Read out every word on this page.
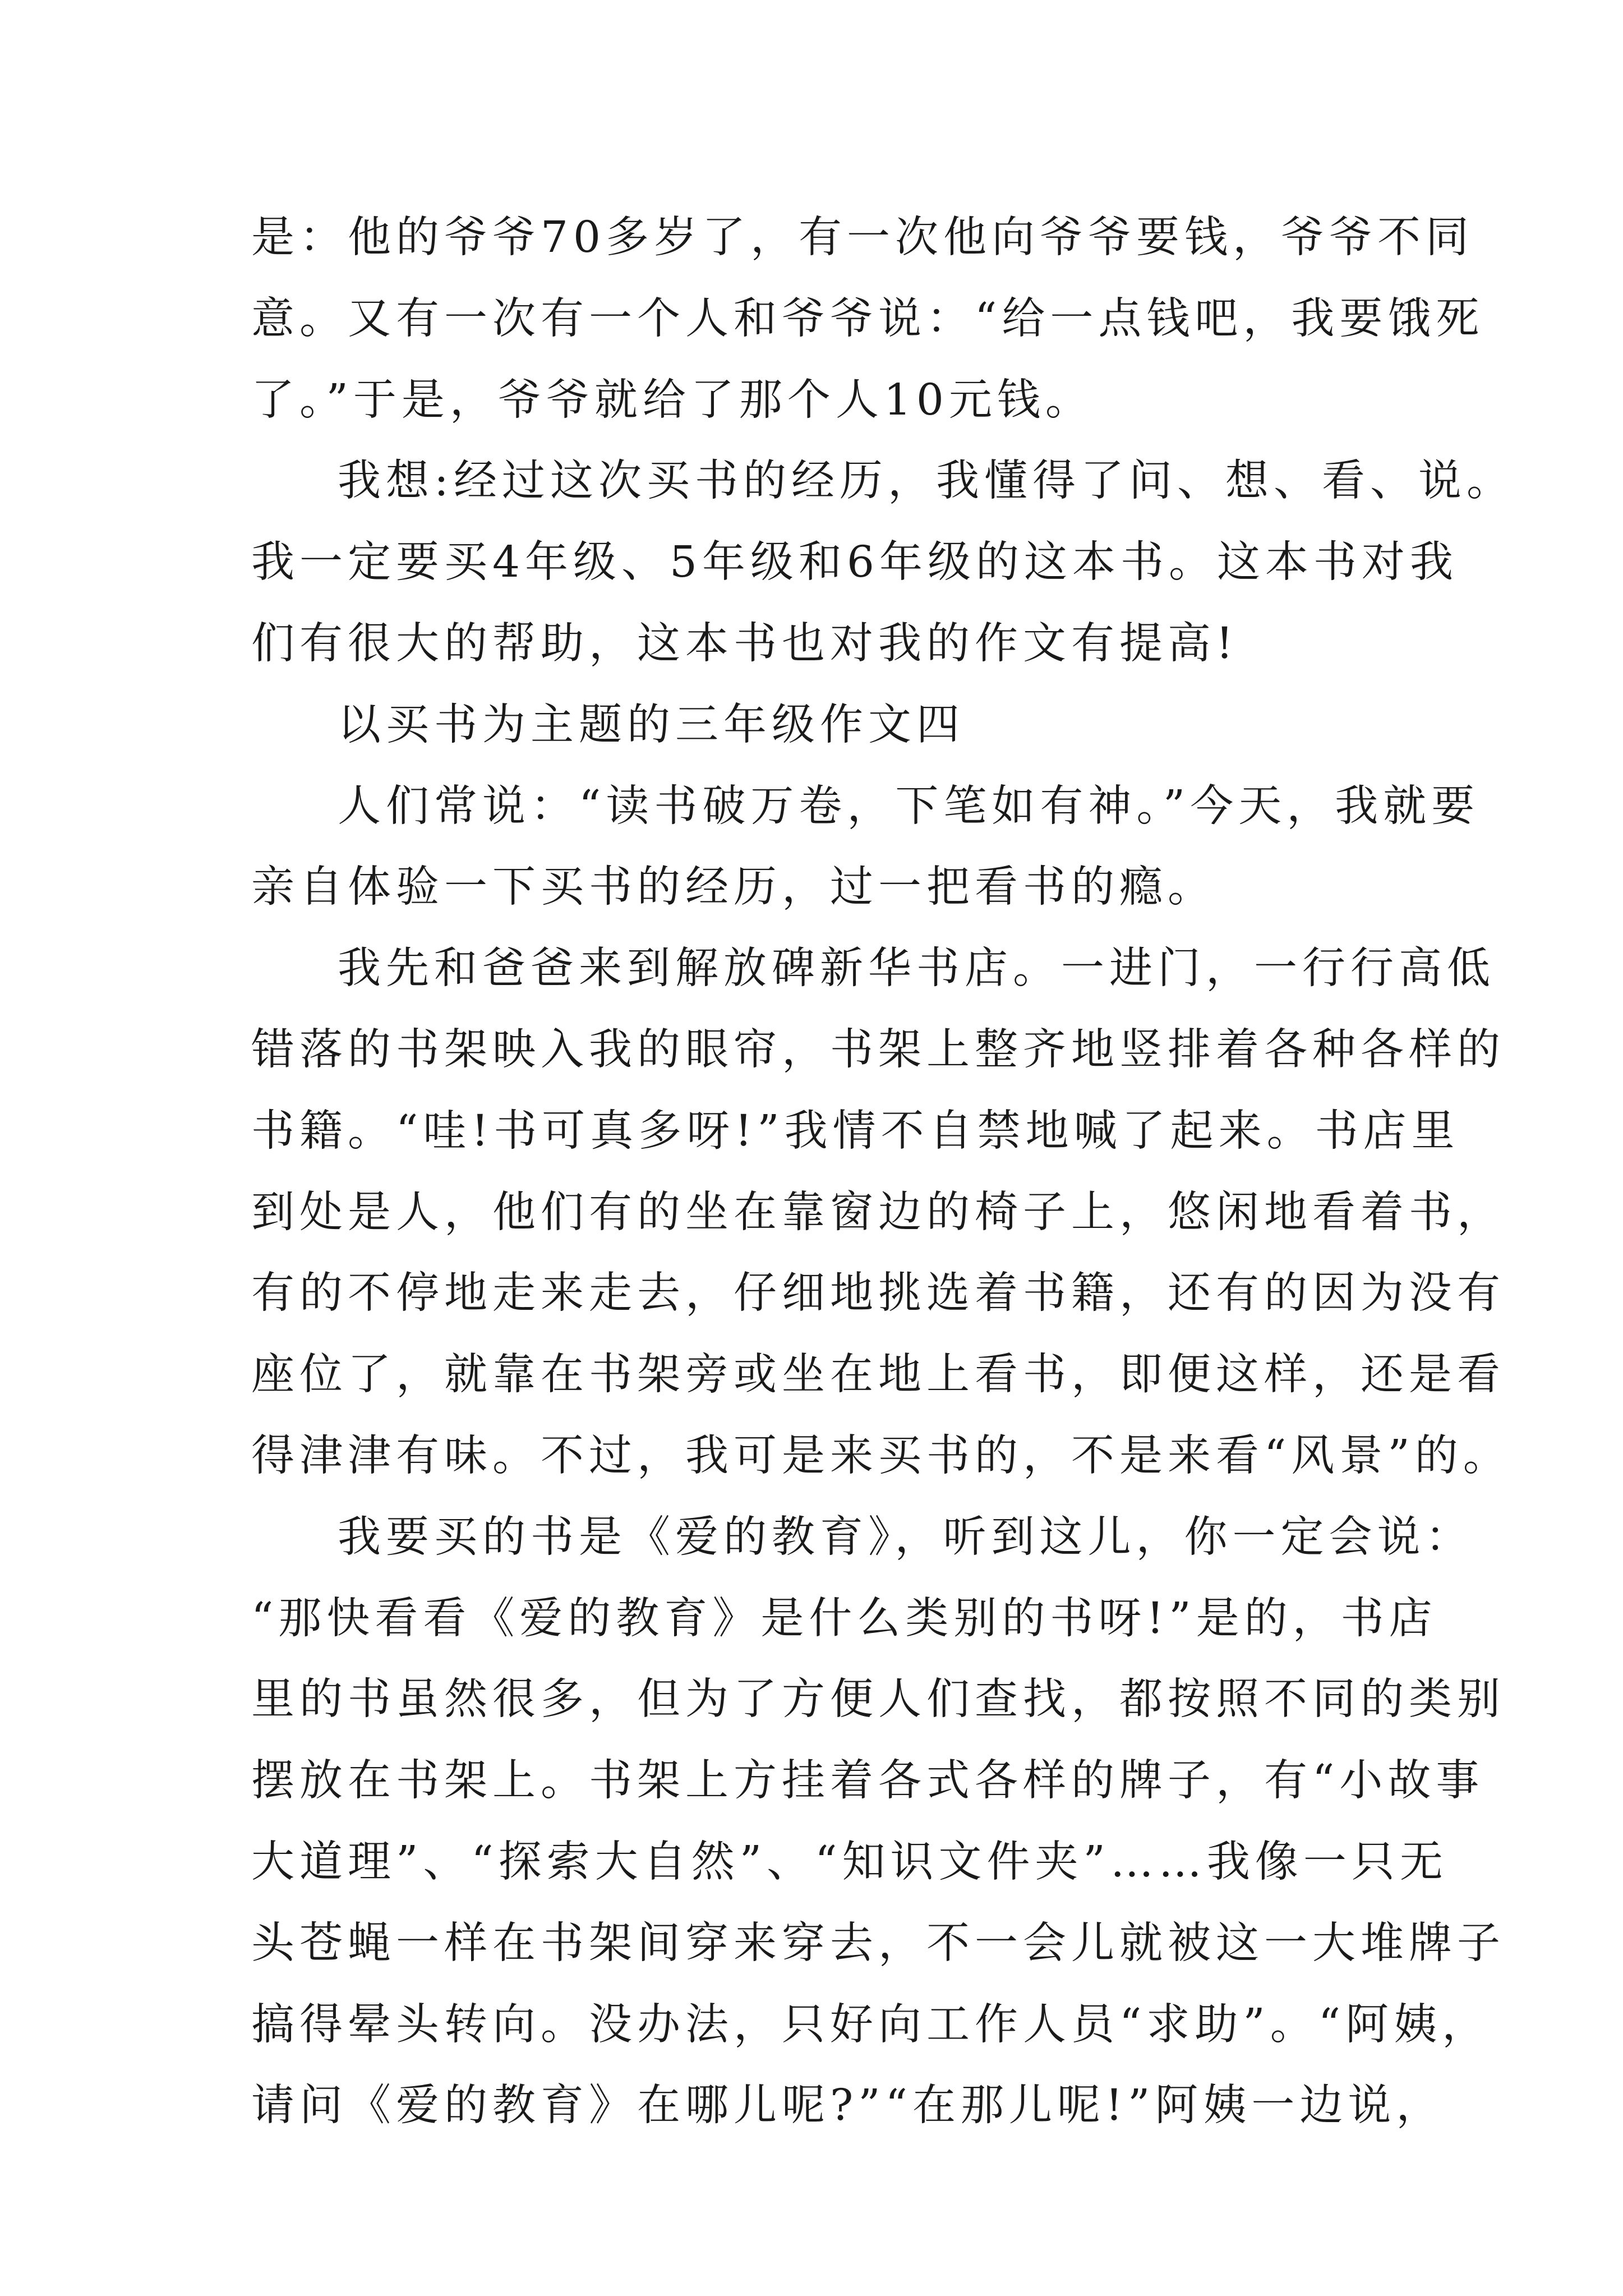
是：他的爷爷70多岁了，有一次他向爷爷要钱，爷爷不同
意。又有一次有一个人和爷爷说：“给一点钱吧，我要饿死
了。”于是，爷爷就给了那个人10元钱。
我想:经过这次买书的经历，我懂得了问、想、看、说。
我一定要买4年级、5年级和6年级的这本书。这本书对我
们有很大的帮助，这本书也对我的作文有提高!
以买书为主题的三年级作文四
人们常说：“读书破万卷，下笔如有神。”今天，我就要
亲自体验一下买书的经历，过一把看书的瘾。
我先和爸爸来到解放碑新华书店。一进门，一行行高低
错落的书架映入我的眼帘，书架上整齐地竖排着各种各样的
书籍。“哇!书可真多呀!”我情不自禁地喊了起来。书店里
到处是人，他们有的坐在靠窗边的椅子上，悠闲地看着书，
有的不停地走来走去，仔细地挑选着书籍，还有的因为没有
座位了，就靠在书架旁或坐在地上看书，即便这样，还是看
得津津有味。不过，我可是来买书的，不是来看“风景”的。
我要买的书是《爱的教育》，听到这儿，你一定会说：
“那快看看《爱的教育》是什么类别的书呀!”是的，书店
里的书虽然很多，但为了方便人们查找，都按照不同的类别
摆放在书架上。书架上方挂着各式各样的牌子，有“小故事
大道理”、“探索大自然”、“知识文件夹”……我像一只无
头苍蝇一样在书架间穿来穿去，不一会儿就被这一大堆牌子
搞得晕头转向。没办法，只好向工作人员“求助”。“阿姨，
请问《爱的教育》在哪儿呢?”“在那儿呢!”阿姨一边说，
